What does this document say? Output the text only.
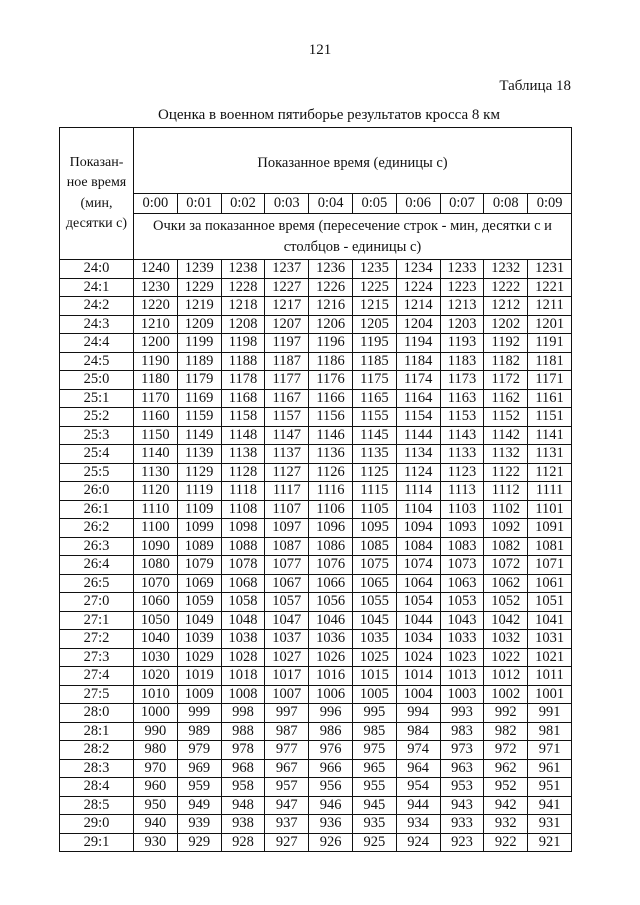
121
Таблица 18
Оценка в военном пятиборье результатов кросса 8 км
Показан-
ное время
(мин,
десятки с)	Показанное время (единицы с)									
	0:00	0:01	0:02	0:03	0:04	0:05	0:06	0:07	0:08	0:09
	Очки за показанное время (пересечение строк - мин, десятки с и столбцов - единицы с)									
24:0	1240	1239	1238	1237	1236	1235	1234	1233	1232	1231
24:1	1230	1229	1228	1227	1226	1225	1224	1223	1222	1221
24:2	1220	1219	1218	1217	1216	1215	1214	1213	1212	1211
24:3	1210	1209	1208	1207	1206	1205	1204	1203	1202	1201
24:4	1200	1199	1198	1197	1196	1195	1194	1193	1192	1191
24:5	1190	1189	1188	1187	1186	1185	1184	1183	1182	1181
25:0	1180	1179	1178	1177	1176	1175	1174	1173	1172	1171
25:1	1170	1169	1168	1167	1166	1165	1164	1163	1162	1161
25:2	1160	1159	1158	1157	1156	1155	1154	1153	1152	1151
25:3	1150	1149	1148	1147	1146	1145	1144	1143	1142	1141
25:4	1140	1139	1138	1137	1136	1135	1134	1133	1132	1131
25:5	1130	1129	1128	1127	1126	1125	1124	1123	1122	1121
26:0	1120	1119	1118	1117	1116	1115	1114	1113	1112	1111
26:1	1110	1109	1108	1107	1106	1105	1104	1103	1102	1101
26:2	1100	1099	1098	1097	1096	1095	1094	1093	1092	1091
26:3	1090	1089	1088	1087	1086	1085	1084	1083	1082	1081
26:4	1080	1079	1078	1077	1076	1075	1074	1073	1072	1071
26:5	1070	1069	1068	1067	1066	1065	1064	1063	1062	1061
27:0	1060	1059	1058	1057	1056	1055	1054	1053	1052	1051
27:1	1050	1049	1048	1047	1046	1045	1044	1043	1042	1041
27:2	1040	1039	1038	1037	1036	1035	1034	1033	1032	1031
27:3	1030	1029	1028	1027	1026	1025	1024	1023	1022	1021
27:4	1020	1019	1018	1017	1016	1015	1014	1013	1012	1011
27:5	1010	1009	1008	1007	1006	1005	1004	1003	1002	1001
28:0	1000	999	998	997	996	995	994	993	992	991
28:1	990	989	988	987	986	985	984	983	982	981
28:2	980	979	978	977	976	975	974	973	972	971
28:3	970	969	968	967	966	965	964	963	962	961
28:4	960	959	958	957	956	955	954	953	952	951
28:5	950	949	948	947	946	945	944	943	942	941
29:0	940	939	938	937	936	935	934	933	932	931
29:1	930	929	928	927	926	925	924	923	922	921
